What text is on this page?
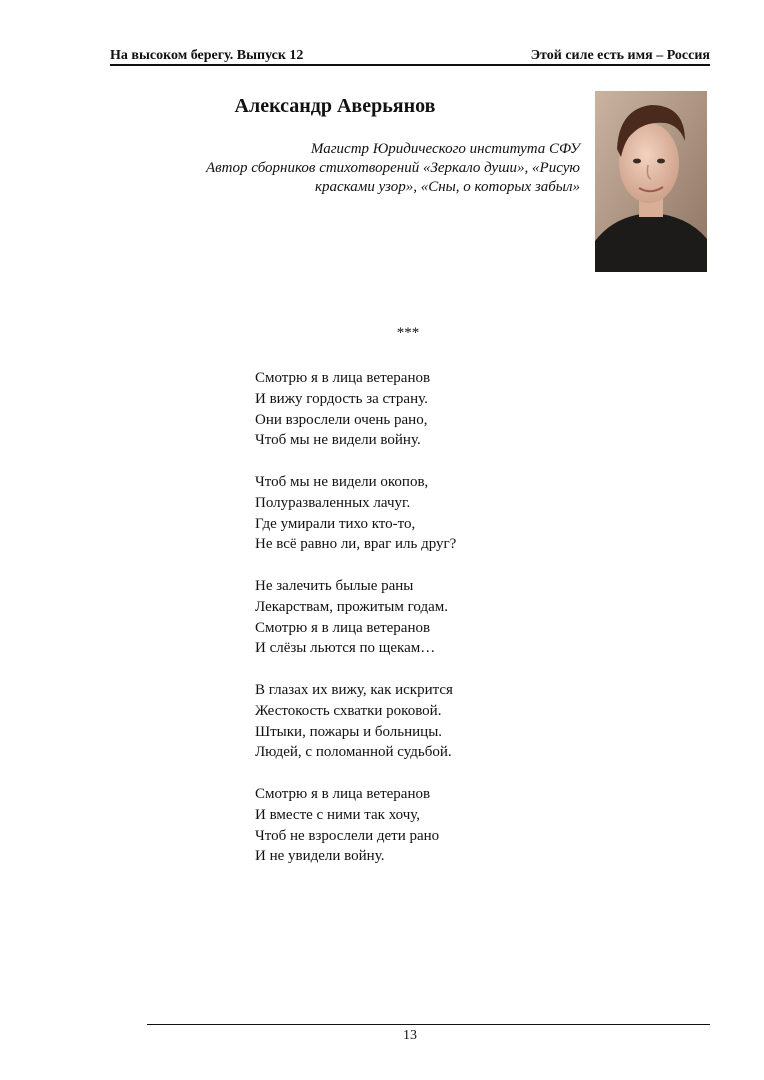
На высоком берегу. Выпуск 12	Этой силе есть имя – Россия
Александр Аверьянов
Магистр Юридического института СФУ
Автор сборников стихотворений «Зеркало души», «Рисую
красками узор», «Сны, о которых забыл»
***
Смотрю я в лица ветеранов
И вижу гордость за страну.
Они взрослели очень рано,
Чтоб мы не видели войну.
Чтоб мы не видели окопов,
Полуразваленных лачуг.
Где умирали тихо кто-то,
Не всё равно ли, враг иль друг?
Не залечить былые раны
Лекарствам, прожитым годам.
Смотрю я в лица ветеранов
И слёзы льются по щекам…
В глазах их вижу, как искрится
Жестокость схватки роковой.
Штыки, пожары и больницы.
Людей, с поломанной судьбой.
Смотрю я в лица ветеранов
И вместе с ними так хочу,
Чтоб не взрослели дети рано
И не увидели войну.
13
